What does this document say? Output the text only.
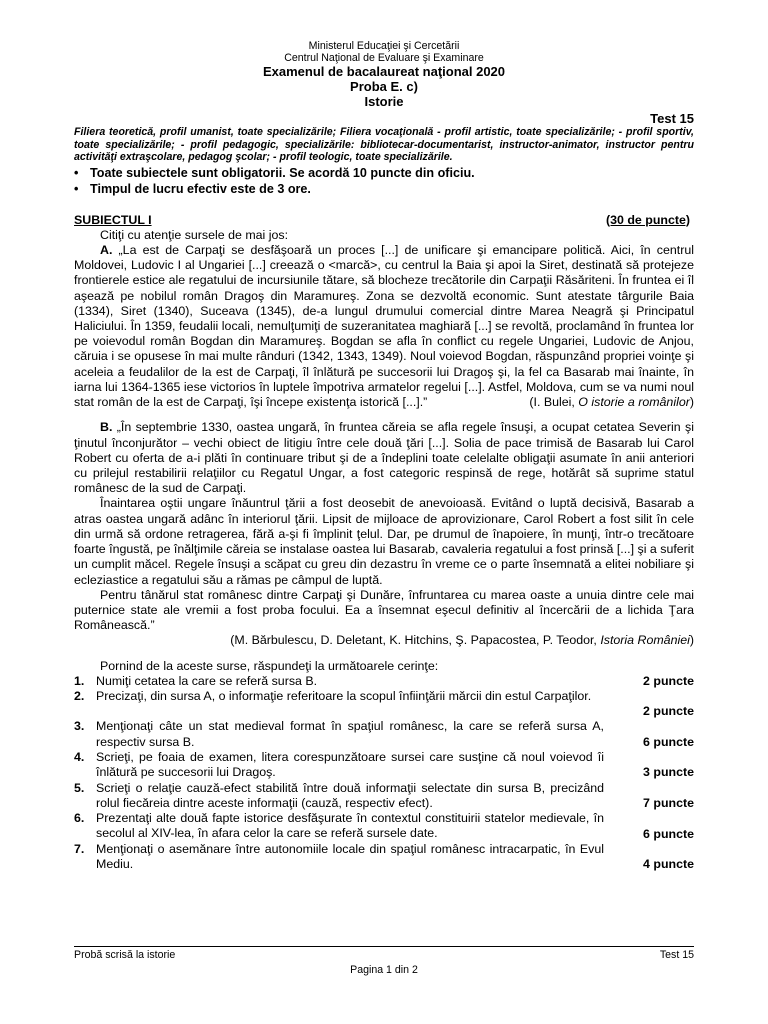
Ministerul Educaţiei şi Cercetării
Centrul Naţional de Evaluare şi Examinare
Examenul de bacalaureat naţional 2020
Proba E. c)
Istorie
Test 15
Filiera teoretică, profil umanist, toate specializările; Filiera vocaţională - profil artistic, toate specializările; - profil sportiv, toate specializările; - profil pedagogic, specializările: bibliotecar-documentarist, instructor-animator, instructor pentru activităţi extraşcolare, pedagog şcolar; - profil teologic, toate specializările.
• Toate subiectele sunt obligatorii. Se acordă 10 puncte din oficiu.
• Timpul de lucru efectiv este de 3 ore.
SUBIECTUL I	(30 de puncte)

Citiţi cu atenţie sursele de mai jos:

A. „La est de Carpaţi se desfăşoară un proces [...] de unificare şi emancipare politică. Aici, în centrul Moldovei, Ludovic I al Ungariei [...] creează o <marcă>, cu centrul la Baia şi apoi la Siret, destinată să protejeze frontierele estice ale regatului de incursiunile tătare, să blocheze trecătorile din Carpaţii Răsăriteni. În fruntea ei îl aşează pe nobilul român Dragoş din Maramureş. Zona se dezvoltă economic. Sunt atestate târgurile Baia (1334), Siret (1340), Suceava (1345), de-a lungul drumului comercial dintre Marea Neagră şi Principatul Haliciului. În 1359, feudalii locali, nemulţumiţi de suzeranitatea maghiară [...] se revoltă, proclamând în fruntea lor pe voievodul român Bogdan din Maramureş. Bogdan se afla în conflict cu regele Ungariei, Ludovic de Anjou, căruia i se opusese în mai multe rânduri (1342, 1343, 1349). Noul voievod Bogdan, răspunzând propriei voinţe şi aceleia a feudalilor de la est de Carpaţi, îl înlătură pe succesorii lui Dragoş şi, la fel ca Basarab mai înainte, în iarna lui 1364-1365 iese victorios în luptele împotriva armatelor regelui [...]. Astfel, Moldova, cum se va numi noul stat român de la est de Carpaţi, îşi începe existenţa istorică [...].”	(I. Bulei, O istorie a românilor)

B. „În septembrie 1330, oastea ungară, în fruntea căreia se afla regele însuşi, a ocupat cetatea Severin şi ţinutul înconjurător – vechi obiect de litigiu între cele două ţări [...]. Solia de pace trimisă de Basarab lui Carol Robert cu oferta de a-i plăti în continuare tribut şi de a îndeplini toate celelalte obligaţii asumate în anii anteriori cu prilejul restabilirii relaţiilor cu Regatul Ungar, a fost categoric respinsă de rege, hotărât să suprime statul românesc de la sud de Carpaţi.

Înaintarea oştii ungare înăuntrul ţării a fost deosebit de anevoioasă. Evitând o luptă decisivă, Basarab a atras oastea ungară adânc în interiorul ţării. Lipsit de mijloace de aprovizionare, Carol Robert a fost silit în cele din urmă să ordone retragerea, fără a-şi fi împlinit ţelul. Dar, pe drumul de înapoiere, în munţi, într-o trecătoare foarte îngustă, pe înălţimile căreia se instalase oastea lui Basarab, cavaleria regatului a fost prinsă [...] şi a suferit un cumplit măcel. Regele însuşi a scăpat cu greu din dezastru în vreme ce o parte însemnată a elitei nobiliare şi ecleziastice a regatului său a rămas pe câmpul de luptă.

Pentru tânărul stat românesc dintre Carpaţi şi Dunăre, înfruntarea cu marea oaste a unuia dintre cele mai puternice state ale vremii a fost proba focului. Ea a însemnat eşecul definitiv al încercării de a lichida Ţara Românească.”

(M. Bărbulescu, D. Deletant, K. Hitchins, Ş. Papacostea, P. Teodor, Istoria României)

Pornind de la aceste surse, răspundeţi la următoarele cerinţe:

1. Numiţi cetatea la care se referă sursa B.	2 puncte
2. Precizaţi, din sursa A, o informaţie referitoare la scopul înfiinţării mărcii din estul Carpaţilor.

2 puncte

3. Menţionaţi câte un stat medieval format în spaţiul românesc, la care se referă sursa A, respectiv sursa B.	6 puncte

4. Scrieţi, pe foaia de examen, litera corespunzătoare sursei care susţine că noul voievod îi înlătură pe succesorii lui Dragoş.	3 puncte

5. Scrieţi o relaţie cauză-efect stabilită între două informaţii selectate din sursa B, precizând rolul fiecăreia dintre aceste informaţii (cauză, respectiv efect).	7 puncte

6. Prezentaţi alte două fapte istorice desfăşurate în contextul constituirii statelor medievale, în secolul al XIV-lea, în afara celor la care se referă sursele date.	6 puncte

7. Menţionaţi o asemănare între autonomiile locale din spaţiul românesc intracarpatic, în Evul Mediu.	4 puncte

Probă scrisă la istorie	Test 15
Pagina 1 din 2
